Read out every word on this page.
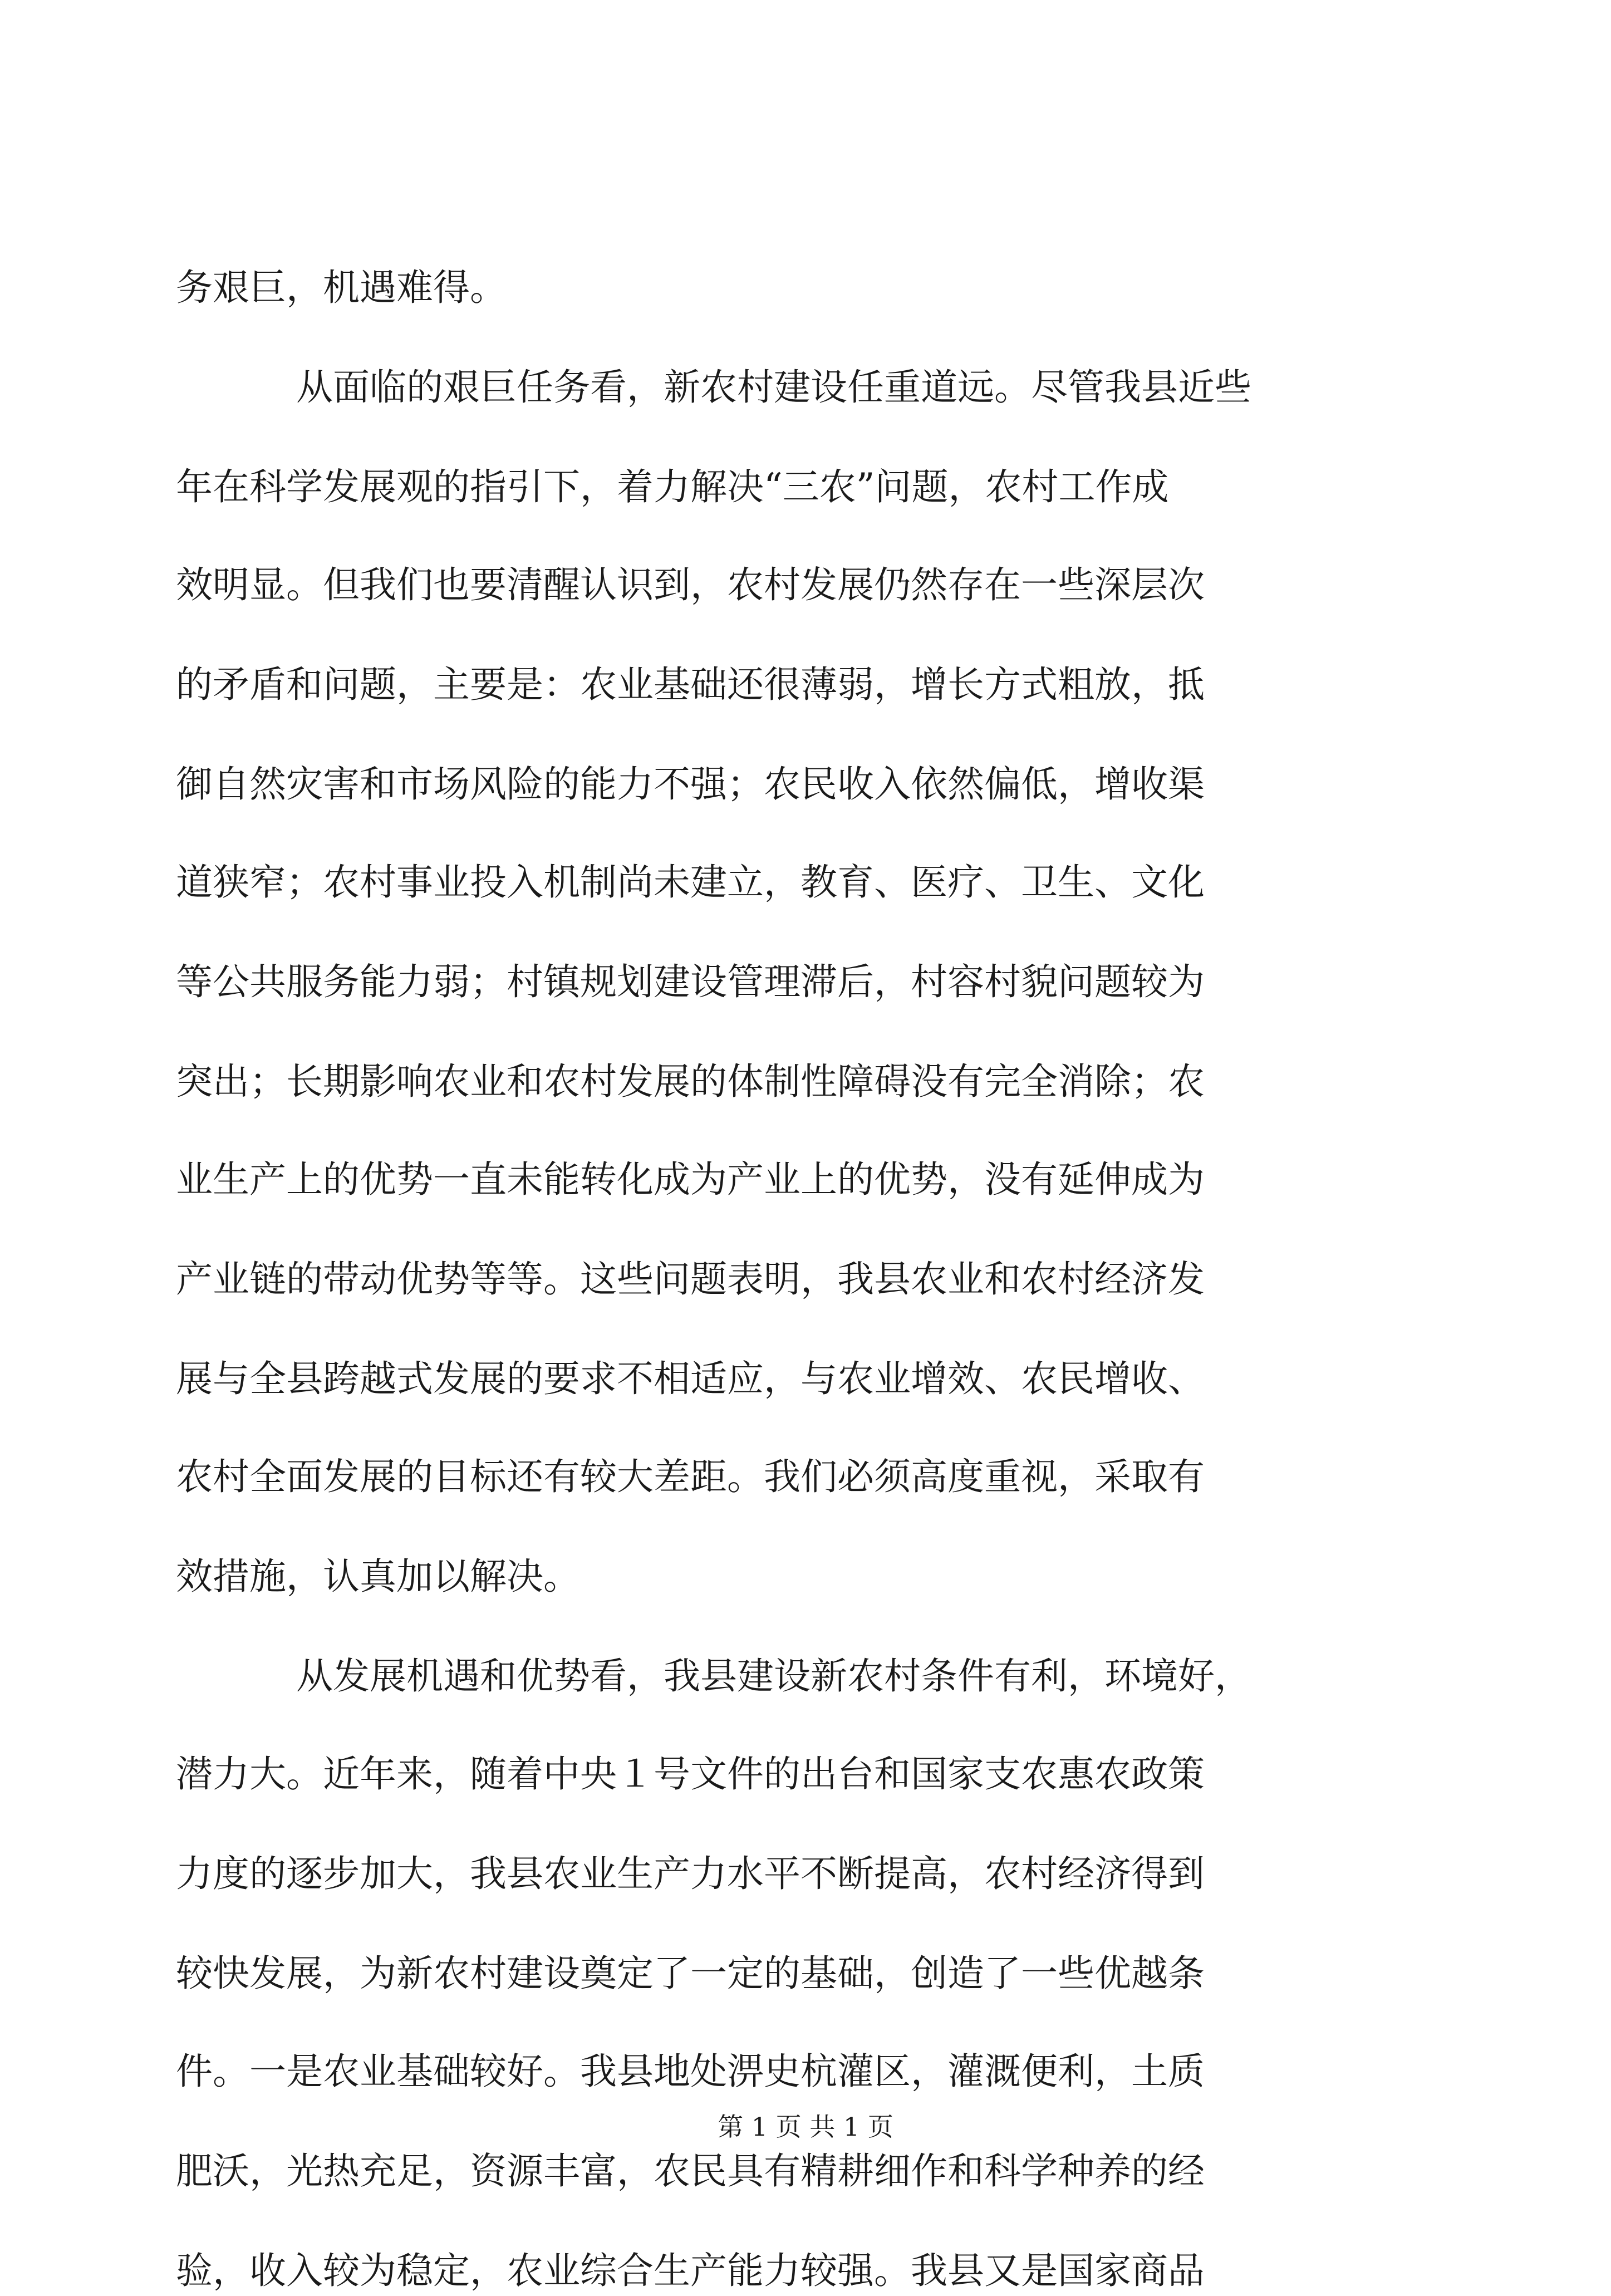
务艰巨，机遇难得。
从面临的艰巨任务看，新农村建设任重道远。尽管我县近些
年在科学发展观的指引下，着力解决“三农”问题，农村工作成
效明显。但我们也要清醒认识到，农村发展仍然存在一些深层次
的矛盾和问题，主要是：农业基础还很薄弱，增长方式粗放，抵
御自然灾害和市场风险的能力不强；农民收入依然偏低，增收渠
道狭窄；农村事业投入机制尚未建立，教育、医疗、卫生、文化
等公共服务能力弱；村镇规划建设管理滞后，村容村貌问题较为
突出；长期影响农业和农村发展的体制性障碍没有完全消除；农
业生产上的优势一直未能转化成为产业上的优势，没有延伸成为
产业链的带动优势等等。这些问题表明，我县农业和农村经济发
展与全县跨越式发展的要求不相适应，与农业增效、农民增收、
农村全面发展的目标还有较大差距。我们必须高度重视，采取有
效措施，认真加以解决。
从发展机遇和优势看，我县建设新农村条件有利，环境好，
潜力大。近年来，随着中央１号文件的出台和国家支农惠农政策
力度的逐步加大，我县农业生产力水平不断提高，农村经济得到
较快发展，为新农村建设奠定了一定的基础，创造了一些优越条
件。一是农业基础较好。我县地处淠史杭灌区，灌溉便利，土质
肥沃，光热充足，资源丰富，农民具有精耕细作和科学种养的经
验，收入较为稳定，农业综合生产能力较强。我县又是国家商品
第 1 页 共 1 页
